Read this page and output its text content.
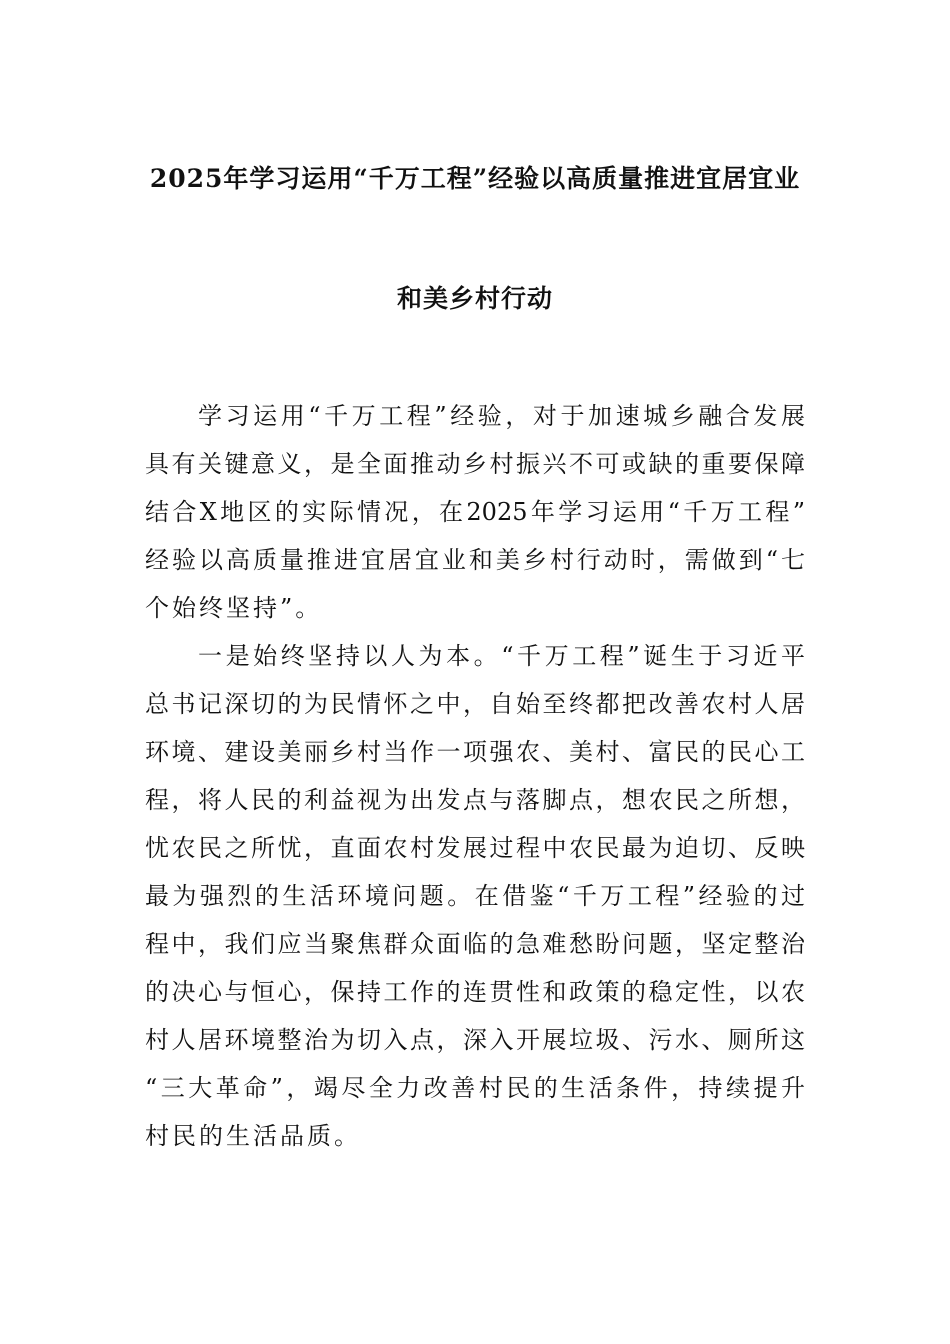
2025年学习运用“千万工程”经验以高质量推进宜居宜业
和美乡村行动
学习运用“千万工程”经验，对于加速城乡融合发展
具有关键意义，是全面推动乡村振兴不可或缺的重要保障
结合X地区的实际情况，在2025年学习运用“千万工程”
经验以高质量推进宜居宜业和美乡村行动时，需做到“七
个始终坚持”。
一是始终坚持以人为本。“千万工程”诞生于习近平
总书记深切的为民情怀之中，自始至终都把改善农村人居
环境、建设美丽乡村当作一项强农、美村、富民的民心工
程，将人民的利益视为出发点与落脚点，想农民之所想，
忧农民之所忧，直面农村发展过程中农民最为迫切、反映
最为强烈的生活环境问题。在借鉴“千万工程”经验的过
程中，我们应当聚焦群众面临的急难愁盼问题，坚定整治
的决心与恒心，保持工作的连贯性和政策的稳定性，以农
村人居环境整治为切入点，深入开展垃圾、污水、厕所这
“三大革命”，竭尽全力改善村民的生活条件，持续提升
村民的生活品质。
